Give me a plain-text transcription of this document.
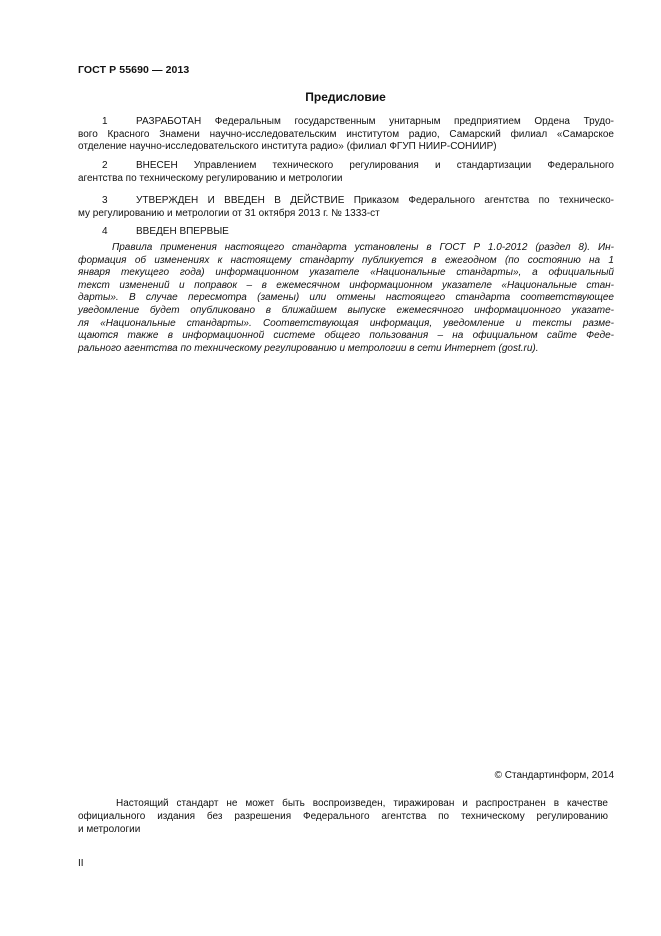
ГОСТ Р 55690 — 2013
Предисловие
1	РАЗРАБОТАН Федеральным государственным унитарным предприятием Ордена Трудо-
вого Красного Знамени научно-исследовательским институтом радио, Самарский филиал «Самарское
отделение научно-исследовательского института радио» (филиал ФГУП НИИР-СОНИИР)
2	ВНЕСЕН Управлением технического регулирования и стандартизации Федерального
агентства по техническому регулированию и метрологии
3	УТВЕРЖДЕН И ВВЕДЕН В ДЕЙСТВИЕ Приказом Федерального агентства по техническо-
му регулированию и метрологии от 31 октября 2013 г. № 1333-ст
4	ВВЕДЕН ВПЕРВЫЕ
Правила применения настоящего стандарта установлены в ГОСТ Р 1.0-2012 (раздел 8). Ин-
формация об изменениях к настоящему стандарту публикуется в ежегодном (по состоянию на 1
января текущего года) информационном указателе «Национальные стандарты», а официальный
текст изменений и поправок – в ежемесячном информационном указателе «Национальные стан-
дарты». В случае пересмотра (замены) или отмены настоящего стандарта соответствующее
уведомление будет опубликовано в ближайшем выпуске ежемесячного информационного указате-
ля «Национальные стандарты». Соответствующая информация, уведомление и тексты разме-
щаются также в информационной системе общего пользования – на официальном сайте Феде-
рального агентства по техническому регулированию и метрологии в сети Интернет (gost.ru).
© Стандартинформ, 2014
Настоящий стандарт не может быть воспроизведен, тиражирован и распространен в качестве
официального издания без разрешения Федерального агентства по техническому регулированию
и метрологии
II
